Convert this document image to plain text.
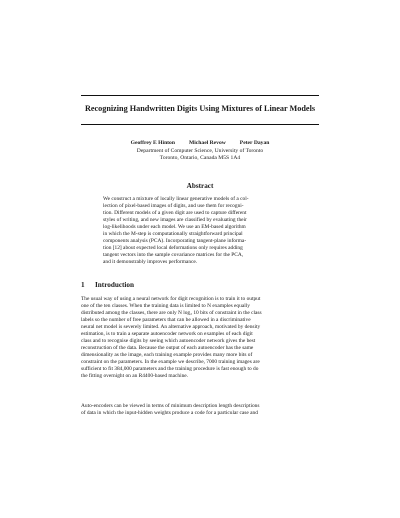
Recognizing Handwritten Digits Using Mixtures of Linear Models
Geoffrey E Hinton	Michael Revow	Peter Dayan
Department of Computer Science, University of Toronto
Toronto, Ontario, Canada M5S 1A4
Abstract
We construct a mixture of locally linear generative models of a col-
lection of pixel-based images of digits, and use them for recogni-
tion. Different models of a given digit are used to capture different
styles of writing, and new images are classified by evaluating their
log-likelihoods under each model. We use an EM-based algorithm
in which the M-step is computationally straightforward principal
components analysis (PCA). Incorporating tangent-plane informa-
tion [12] about expected local deformations only requires adding
tangent vectors into the sample covariance matrices for the PCA,
and it demonstrably improves performance.
1 Introduction
The usual way of using a neural network for digit recognition is to train it to output
one of the ten classes. When the training data is limited to N examples equally
distributed among the classes, there are only N log₂ 10 bits of constraint in the class
labels so the number of free parameters that can be allowed in a discriminative
neural net model is severely limited. An alternative approach, motivated by density
estimation, is to train a separate autoencoder network on examples of each digit
class and to recognise digits by seeing which autoencoder network gives the best
reconstruction of the data. Because the output of each autoencoder has the same
dimensionality as the image, each training example provides many more bits of
constraint on the parameters. In the example we describe, 7000 training images are
sufficient to fit 384,000 parameters and the training procedure is fast enough to do
the fitting overnight on an R4400-based machine.
Auto-encoders can be viewed in terms of minimum description length descriptions
of data in which the input-hidden weights produce a code for a particular case and
